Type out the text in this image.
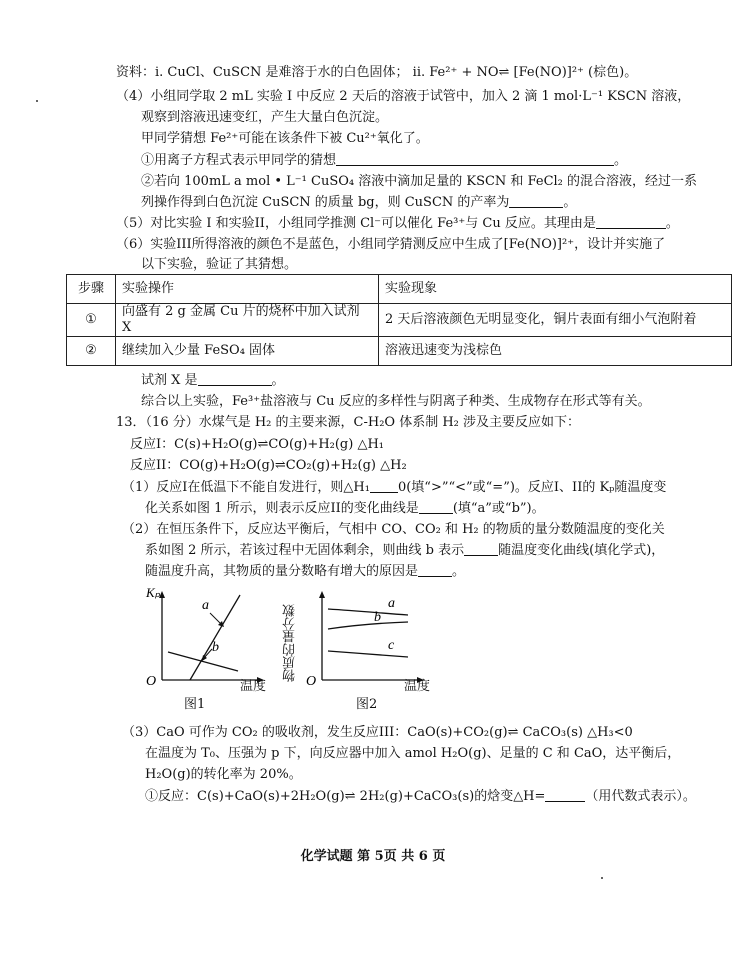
资料：i. CuCl、CuSCN 是难溶于水的白色固体； ii. Fe²⁺ + NO⇌ [Fe(NO)]²⁺ (棕色)。
（4）小组同学取 2 mL 实验 I 中反应 2 天后的溶液于试管中，加入 2 滴 1 mol·L⁻¹ KSCN 溶液，
观察到溶液迅速变红，产生大量白色沉淀。
甲同学猜想 Fe²⁺可能在该条件下被 Cu²⁺氧化了。
①用离子方程式表示甲同学的猜想	。
②若向 100mL a mol • L⁻¹ CuSO₄ 溶液中滴加足量的 KSCN 和 FeCl₂ 的混合溶液，经过一系
列操作得到白色沉淀 CuSCN 的质量 bg，则 CuSCN 的产率为	。
（5）对比实验 I 和实验II，小组同学推测 Cl⁻可以催化 Fe³⁺与 Cu 反应。其理由是	。
（6）实验III所得溶液的颜色不是蓝色，小组同学猜测反应中生成了[Fe(NO)]²⁺，设计并实施了
以下实验，验证了其猜想。
步骤	实验操作	实验现象
①	向盛有 2 g 金属 Cu 片的烧杯中加入试剂 X	2 天后溶液颜色无明显变化，铜片表面有细小气泡附着
②	继续加入少量 FeSO₄ 固体	溶液迅速变为浅棕色
试剂 X 是	。
综合以上实验，Fe³⁺盐溶液与 Cu 反应的多样性与阴离子种类、生成物存在形式等有关。
13．（16 分）水煤气是 H₂ 的主要来源，C-H₂O 体系制 H₂ 涉及主要反应如下：
反应I：C(s)+H₂O(g)⇌CO(g)+H₂(g) △H₁
反应II：CO(g)+H₂O(g)⇌CO₂(g)+H₂(g) △H₂
（1）反应I在低温下不能自发进行，则△H₁ 0(填“>”“<”或“=”)。反应I、II的 Kₚ随温度变
化关系如图 1 所示，则表示反应II的变化曲线是	(填“a”或“b”)。
（2）在恒压条件下，反应达平衡后，气相中 CO、CO₂ 和 H₂ 的物质的量分数随温度的变化关
系如图 2 所示，若该过程中无固体剩余，则曲线 b 表示	随温度变化曲线(填化学式)，
随温度升高，其物质的量分数略有增大的原因是	。
Kₚ
O
a
b
温度
图1
物质的量分数 O
a
b
c
温度
图2
（3）CaO 可作为 CO₂ 的吸收剂，发生反应III：CaO(s)+CO₂(g)⇌ CaCO₃(s) △H₃<0
在温度为 T₀、压强为 p 下，向反应器中加入 amol H₂O(g)、足量的 C 和 CaO，达平衡后，
H₂O(g)的转化率为 20%。
①反应：C(s)+CaO(s)+2H₂O(g)⇌ 2H₂(g)+CaCO₃(s)的焓变△H=	（用代数式表示）。
化学试题 第 5页 共 6 页
